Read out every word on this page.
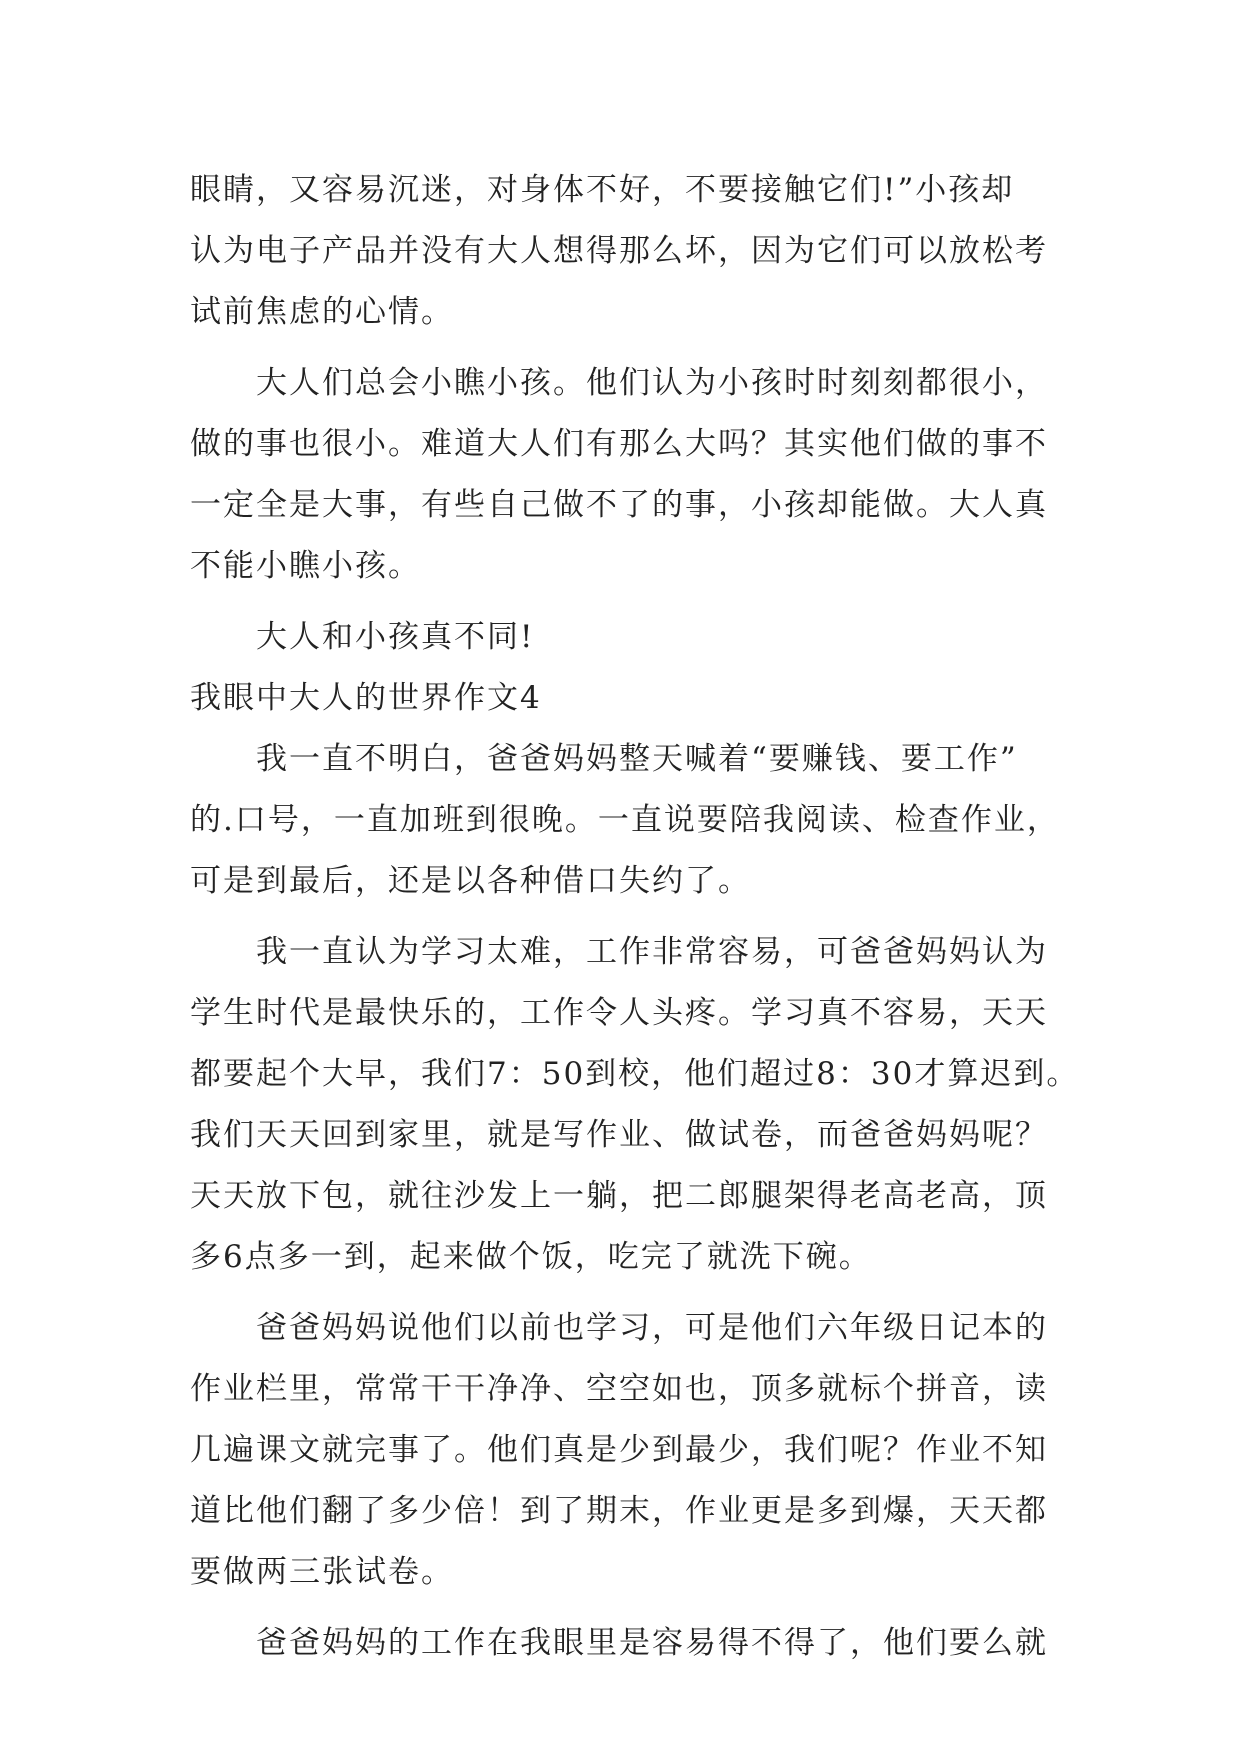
眼睛，又容易沉迷，对身体不好，不要接触它们!”小孩却
认为电子产品并没有大人想得那么坏，因为它们可以放松考
试前焦虑的心情。

大人们总会小瞧小孩。他们认为小孩时时刻刻都很小，
做的事也很小。难道大人们有那么大吗？其实他们做的事不
一定全是大事，有些自己做不了的事，小孩却能做。大人真
不能小瞧小孩。

大人和小孩真不同!

我眼中大人的世界作文4

我一直不明白，爸爸妈妈整天喊着“要赚钱、要工作”
的.口号，一直加班到很晚。一直说要陪我阅读、检查作业，
可是到最后，还是以各种借口失约了。

我一直认为学习太难，工作非常容易，可爸爸妈妈认为
学生时代是最快乐的，工作令人头疼。学习真不容易，天天
都要起个大早，我们7：50到校，他们超过8：30才算迟到。
我们天天回到家里，就是写作业、做试卷，而爸爸妈妈呢？
天天放下包，就往沙发上一躺，把二郎腿架得老高老高，顶
多6点多一到，起来做个饭，吃完了就洗下碗。

爸爸妈妈说他们以前也学习，可是他们六年级日记本的
作业栏里，常常干干净净、空空如也，顶多就标个拼音，读
几遍课文就完事了。他们真是少到最少，我们呢？作业不知
道比他们翻了多少倍！到了期末，作业更是多到爆，天天都
要做两三张试卷。

爸爸妈妈的工作在我眼里是容易得不得了，他们要么就
